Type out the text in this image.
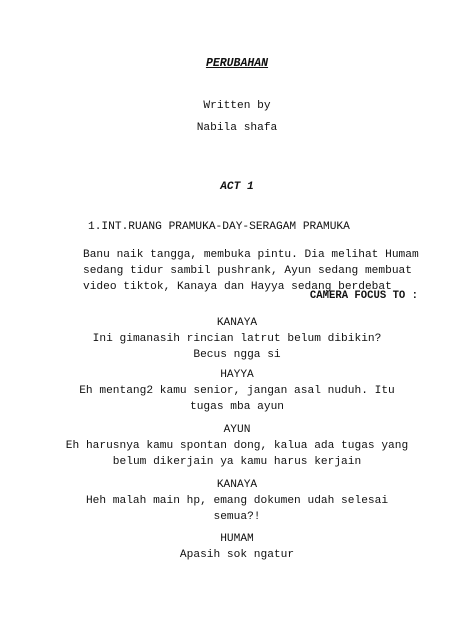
PERUBAHAN
Written by
Nabila shafa
ACT 1
1.INT.RUANG PRAMUKA-DAY-SERAGAM PRAMUKA
Banu naik tangga, membuka pintu. Dia melihat Humam
sedang tidur sambil pushrank, Ayun sedang membuat
video tiktok, Kanaya dan Hayya sedang berdebat
CAMERA FOCUS TO :
KANAYA
Ini gimanasih rincian latrut belum dibikin?
Becus ngga si
HAYYA
Eh mentang2 kamu senior, jangan asal nuduh. Itu
tugas mba ayun
AYUN
Eh harusnya kamu spontan dong, kalua ada tugas yang
belum dikerjain ya kamu harus kerjain
KANAYA
Heh malah main hp, emang dokumen udah selesai
semua?!
HUMAM
Apasih sok ngatur
